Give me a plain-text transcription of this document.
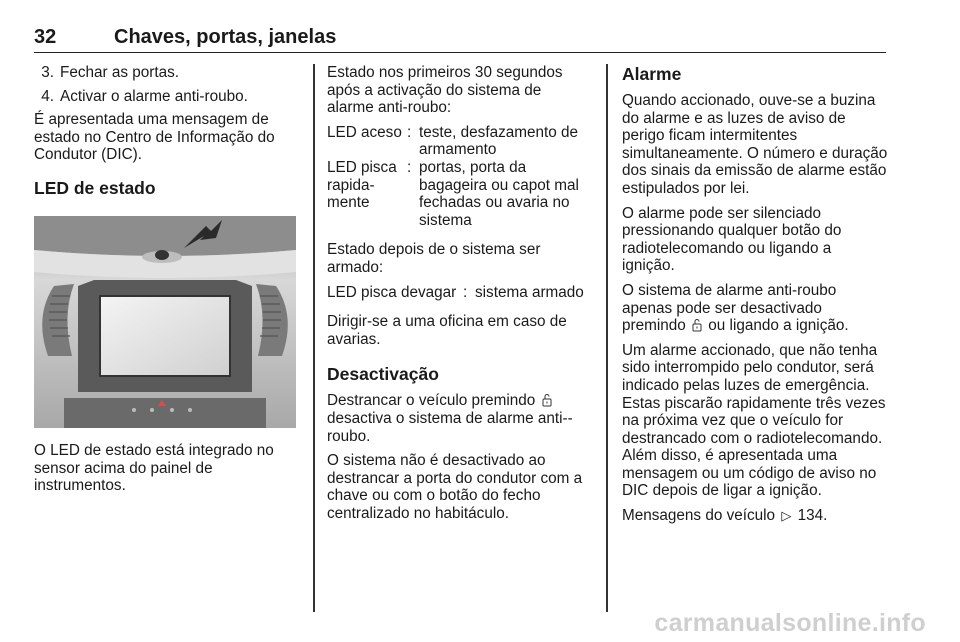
32	Chaves, portas, janelas
3. Fechar as portas.
4. Activar o alarme anti-roubo.

É apresentada uma mensagem de estado no Centro de Informação do Condutor (DIC).

LED de estado

O LED de estado está integrado no sensor acima do painel de instrumentos.

Estado nos primeiros 30 segundos após a activação do sistema de alarme anti-roubo:

LED aceso	:	teste, desfazamento de armamento
LED pisca rapida-mente	:	portas, porta da bagageira ou capot mal fechadas ou avaria no sistema

Estado depois de o sistema ser armado:

LED pisca devagar	:	sistema armado

Dirigir-se a uma oficina em caso de avarias.

Desactivação

Destrancar o veículo premindo  desactiva o sistema de alarme anti--roubo.

O sistema não é desactivado ao destrancar a porta do condutor com a chave ou com o botão do fecho centralizado no habitáculo.

Alarme

Quando accionado, ouve-se a buzina do alarme e as luzes de aviso de perigo ficam intermitentes simultaneamente. O número e duração dos sinais da emissão de alarme estão estipulados por lei.

O alarme pode ser silenciado pressionando qualquer botão do radiotelecomando ou ligando a ignição.

O sistema de alarme anti-roubo apenas pode ser desactivado premindo ou ligando a ignição.

Um alarme accionado, que não tenha sido interrompido pelo condutor, será indicado pelas luzes de emergência. Estas piscarão rapidamente três vezes na próxima vez que o veículo for destrancado com o radiotelecomando. Além disso, é apresentada uma mensagem ou um código de aviso no DIC depois de ligar a ignição.

Mensagens do veículo ▷ 134.

carmanualsonline.info
